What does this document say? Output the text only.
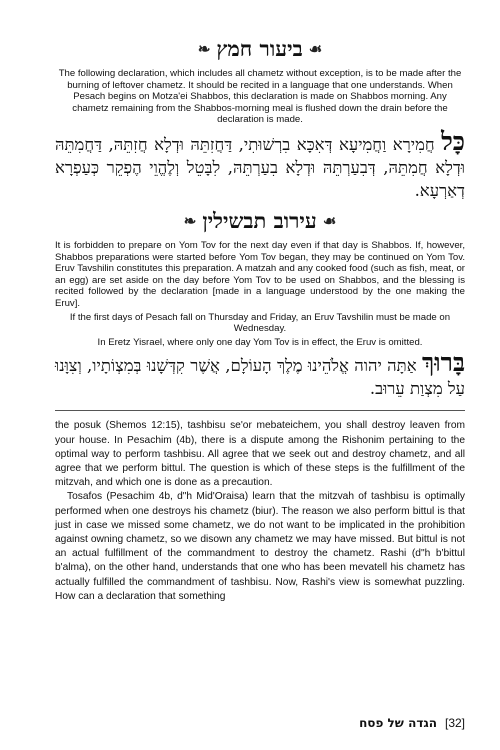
❧ ביעור חמץ ☙

The following declaration, which includes all chametz without exception, is to be made after the burning of leftover chametz. It should be recited in a language that one understands. When Pesach begins on Motza'ei Shabbos, this declaration is made on Shabbos morning. Any chametz remaining from the Shabbos-morning meal is flushed down the drain before the declaration is made.

כָּל חֲמִירָא וַחֲמִיעָא דְּאִכָּא בִרְשׁוּתִי, דַּחֲזִתֵּהּ וּדְלָא חֲזִתֵּהּ, דַּחֲמִתֵּהּ וּדְלָא חֲמִתֵּהּ, דְּבִעַרְתֵּהּ וּדְלָא בִעַרְתֵּהּ, לִבָּטֵל וְלֶהֱוֵי הֶפְקֵר כְּעַפְרָא דְאַרְעָא.

❧ עירוב תבשילין ☙

It is forbidden to prepare on Yom Tov for the next day even if that day is Shabbos. If, however, Shabbos preparations were started before Yom Tov began, they may be continued on Yom Tov. Eruv Tavshilin constitutes this preparation. A matzah and any cooked food (such as fish, meat, or an egg) are set aside on the day before Yom Tov to be used on Shabbos, and the blessing is recited followed by the declaration [made in a language understood by the one making the Eruv].

If the first days of Pesach fall on Thursday and Friday, an Eruv Tavshilin must be made on Wednesday.

In Eretz Yisrael, where only one day Yom Tov is in effect, the Eruv is omitted.

בָּרוּךְ אַתָּה יהוה אֱלֹהֵינוּ מֶלֶךְ הָעוֹלָם, אֲשֶׁר קִדְּשָׁנוּ בְּמִצְוֹתָיו, וְצִוָּנוּ עַל מִצְוַת עֵרוּב.

the posuk (Shemos 12:15), tashbisu se'or mebateichem, you shall destroy leaven from your house. In Pesachim (4b), there is a dispute among the Rishonim pertaining to the optimal way to perform tashbisu. All agree that we seek out and destroy chametz, and all agree that we perform bittul. The question is which of these steps is the fulfillment of the mitzvah, and which one is done as a precaution.

Tosafos (Pesachim 4b, d"h Mid'Oraisa) learn that the mitzvah of tashbisu is optimally performed when one destroys his chametz (biur). The reason we also perform bittul is that just in case we missed some chametz, we do not want to be implicated in the prohibition against owning chametz, so we disown any chametz we may have missed. But bittul is not an actual fulfillment of the commandment to destroy the chametz. Rashi (d"h b'bittul b'alma), on the other hand, understands that one who has been mevatell his chametz has actually fulfilled the commandment of tashbisu. Now, Rashi's view is somewhat puzzling. How can a declaration that something

הגדה של פסח [32]
